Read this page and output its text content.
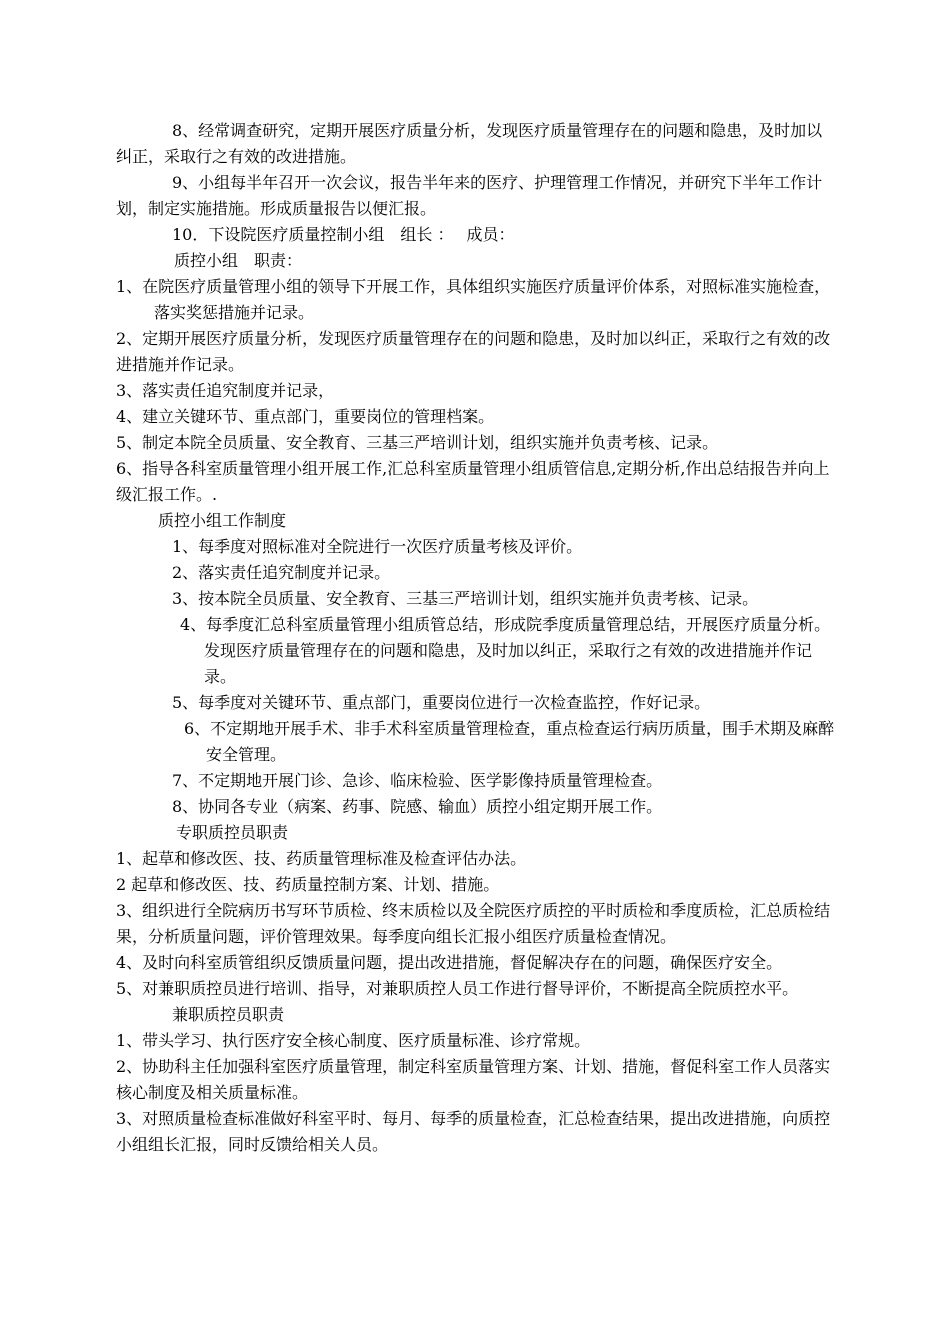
8、经常调查研究，定期开展医疗质量分析，发现医疗质量管理存在的问题和隐患，及时加以纠正，采取行之有效的改进措施。

9、小组每半年召开一次会议，报告半年来的医疗、护理管理工作情况，并研究下半年工作计划，制定实施措施。形成质量报告以便汇报。

10．下设院医疗质量控制小组　组长 ：　 成员：

质控小组　职责：

1、在院医疗质量管理小组的领导下开展工作，具体组织实施医疗质量评价体系，对照标准实施检查，落实奖惩措施并记录。

2、定期开展医疗质量分析，发现医疗质量管理存在的问题和隐患，及时加以纠正，采取行之有效的改进措施并作记录。

3、落实责任追究制度并记录，

4、建立关键环节、重点部门，重要岗位的管理档案。

5、制定本院全员质量、安全教育、三基三严培训计划，组织实施并负责考核、记录。

6、指导各科室质量管理小组开展工作,汇总科室质量管理小组质管信息,定期分析,作出总结报告并向上级汇报工作。.

质控小组工作制度

1、每季度对照标准对全院进行一次医疗质量考核及评价。

2、落实责任追究制度并记录。

3、按本院全员质量、安全教育、三基三严培训计划，组织实施并负责考核、记录。

4、每季度汇总科室质量管理小组质管总结，形成院季度质量管理总结，开展医疗质量分析。发现医疗质量管理存在的问题和隐患，及时加以纠正，采取行之有效的改进措施并作记录。

5、每季度对关键环节、重点部门，重要岗位进行一次检查监控，作好记录。

6、不定期地开展手术、非手术科室质量管理检查，重点检查运行病历质量，围手术期及麻醉安全管理。

7、不定期地开展门诊、急诊、临床检验、医学影像持质量管理检查。

8、协同各专业（病案、药事、院感、输血）质控小组定期开展工作。

专职质控员职责

1、起草和修改医、技、药质量管理标准及检查评估办法。

2 起草和修改医、技、药质量控制方案、计划、措施。

3、组织进行全院病历书写环节质检、终末质检以及全院医疗质控的平时质检和季度质检，汇总质检结果，分析质量问题，评价管理效果。每季度向组长汇报小组医疗质量检查情况。

4、及时向科室质管组织反馈质量问题，提出改进措施，督促解决存在的问题，确保医疗安全。

5、对兼职质控员进行培训、指导，对兼职质控人员工作进行督导评价，不断提高全院质控水平。

兼职质控员职责

1、带头学习、执行医疗安全核心制度、医疗质量标准、诊疗常规。

2、协助科主任加强科室医疗质量管理，制定科室质量管理方案、计划、措施，督促科室工作人员落实核心制度及相关质量标准。

3、对照质量检查标准做好科室平时、每月、每季的质量检查，汇总检查结果，提出改进措施，向质控小组组长汇报，同时反馈给相关人员。
